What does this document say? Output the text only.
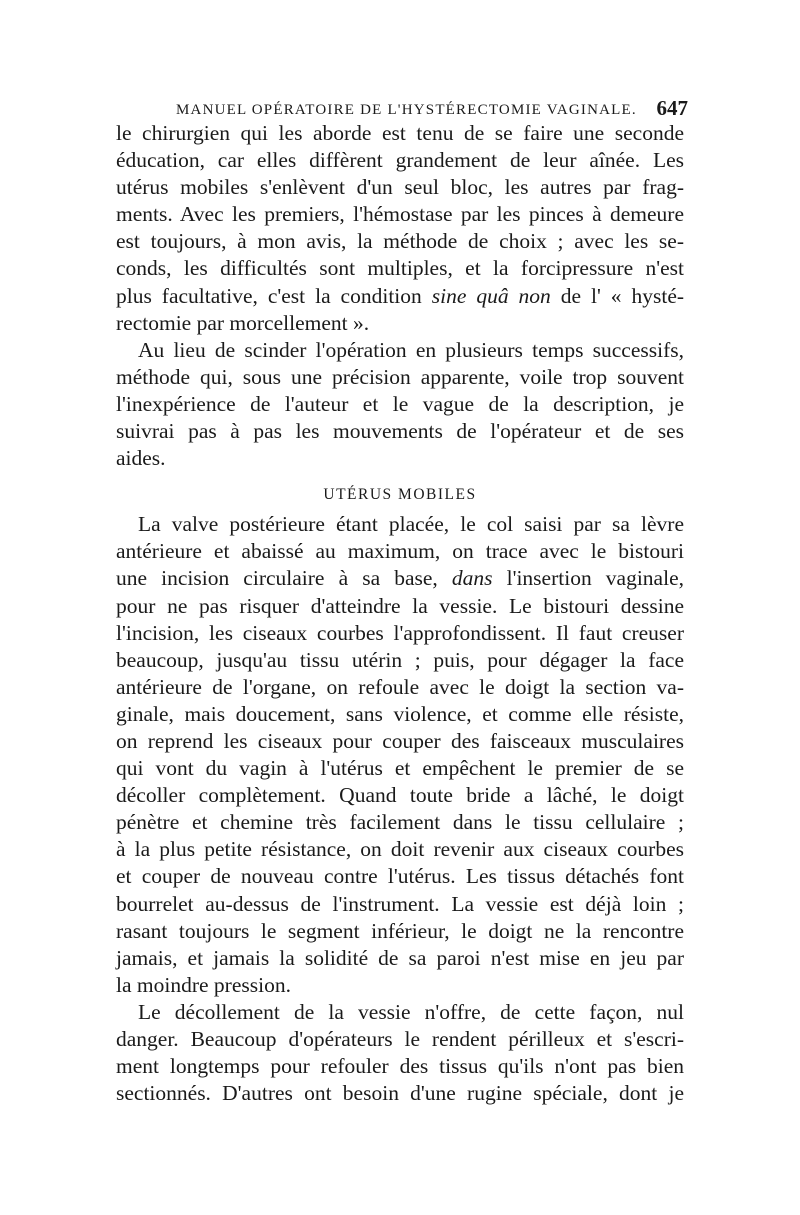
MANUEL OPÉRATOIRE DE L'HYSTÉRECTOMIE VAGINALE. 647
le chirurgien qui les aborde est tenu de se faire une seconde
éducation, car elles diffèrent grandement de leur aînée. Les
utérus mobiles s'enlèvent d'un seul bloc, les autres par frag-
ments. Avec les premiers, l'hémostase par les pinces à demeure
est toujours, à mon avis, la méthode de choix ; avec les se-
conds, les difficultés sont multiples, et la forcipressure n'est
plus facultative, c'est la condition sine quâ non de l' « hysté-
rectomie par morcellement ».
Au lieu de scinder l'opération en plusieurs temps successifs,
méthode qui, sous une précision apparente, voile trop souvent
l'inexpérience de l'auteur et le vague de la description, je
suivrai pas à pas les mouvements de l'opérateur et de ses
aides.
UTÉRUS MOBILES
La valve postérieure étant placée, le col saisi par sa lèvre
antérieure et abaissé au maximum, on trace avec le bistouri
une incision circulaire à sa base, dans l'insertion vaginale,
pour ne pas risquer d'atteindre la vessie. Le bistouri dessine
l'incision, les ciseaux courbes l'approfondissent. Il faut creuser
beaucoup, jusqu'au tissu utérin ; puis, pour dégager la face
antérieure de l'organe, on refoule avec le doigt la section va-
ginale, mais doucement, sans violence, et comme elle résiste,
on reprend les ciseaux pour couper des faisceaux musculaires
qui vont du vagin à l'utérus et empêchent le premier de se
décoller complètement. Quand toute bride a lâché, le doigt
pénètre et chemine très facilement dans le tissu cellulaire ;
à la plus petite résistance, on doit revenir aux ciseaux courbes
et couper de nouveau contre l'utérus. Les tissus détachés font
bourrelet au-dessus de l'instrument. La vessie est déjà loin ;
rasant toujours le segment inférieur, le doigt ne la rencontre
jamais, et jamais la solidité de sa paroi n'est mise en jeu par
la moindre pression.
Le décollement de la vessie n'offre, de cette façon, nul
danger. Beaucoup d'opérateurs le rendent périlleux et s'escri-
ment longtemps pour refouler des tissus qu'ils n'ont pas bien
sectionnés. D'autres ont besoin d'une rugine spéciale, dont je
